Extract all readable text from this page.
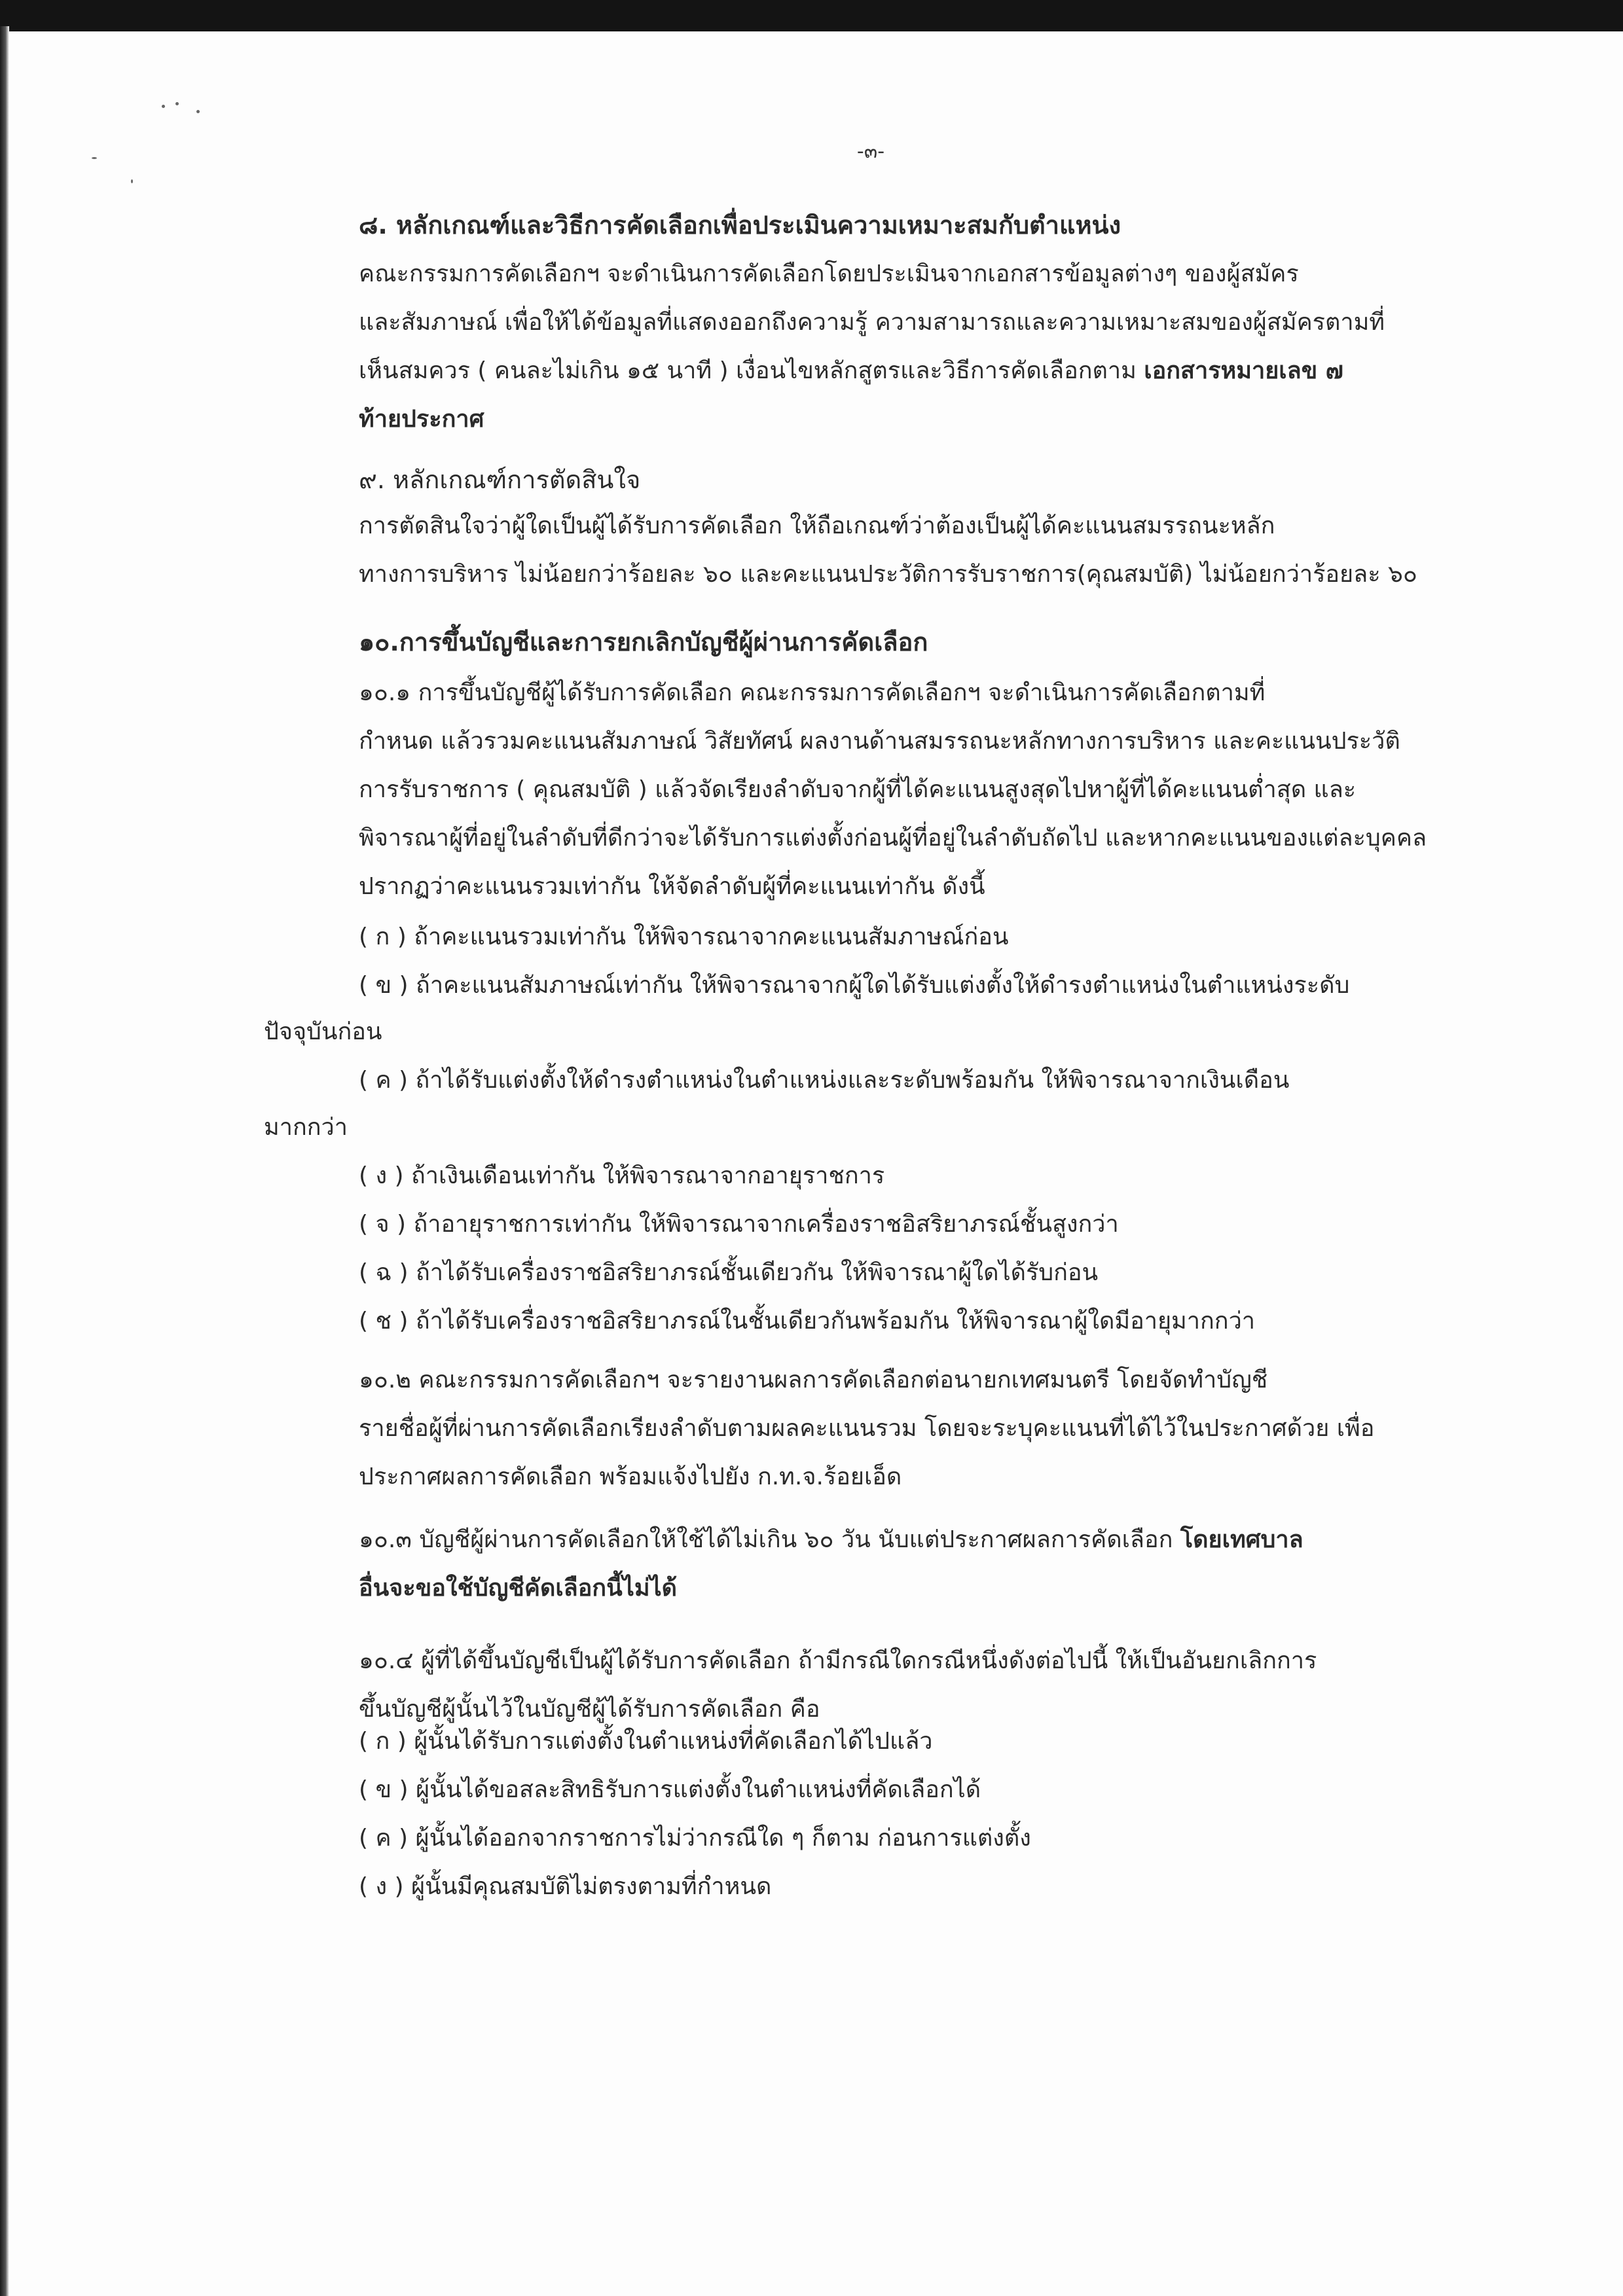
-๓-
๘. หลักเกณฑ์และวิธีการคัดเลือกเพื่อประเมินความเหมาะสมกับตำแหน่ง
คณะกรรมการคัดเลือกฯ จะดำเนินการคัดเลือกโดยประเมินจากเอกสารข้อมูลต่างๆ ของผู้สมัคร
และสัมภาษณ์ เพื่อให้ได้ข้อมูลที่แสดงออกถึงความรู้ ความสามารถและความเหมาะสมของผู้สมัครตามที่
เห็นสมควร ( คนละไม่เกิน ๑๕ นาที ) เงื่อนไขหลักสูตรและวิธีการคัดเลือกตาม เอกสารหมายเลข ๗
ท้ายประกาศ
๙. หลักเกณฑ์การตัดสินใจ
การตัดสินใจว่าผู้ใดเป็นผู้ได้รับการคัดเลือก ให้ถือเกณฑ์ว่าต้องเป็นผู้ได้คะแนนสมรรถนะหลัก
ทางการบริหาร ไม่น้อยกว่าร้อยละ ๖๐ และคะแนนประวัติการรับราชการ(คุณสมบัติ) ไม่น้อยกว่าร้อยละ ๖๐
๑๐.การขึ้นบัญชีและการยกเลิกบัญชีผู้ผ่านการคัดเลือก
๑๐.๑ การขึ้นบัญชีผู้ได้รับการคัดเลือก คณะกรรมการคัดเลือกฯ จะดำเนินการคัดเลือกตามที่
กำหนด แล้วรวมคะแนนสัมภาษณ์ วิสัยทัศน์ ผลงานด้านสมรรถนะหลักทางการบริหาร และคะแนนประวัติ
การรับราชการ ( คุณสมบัติ ) แล้วจัดเรียงลำดับจากผู้ที่ได้คะแนนสูงสุดไปหาผู้ที่ได้คะแนนต่ำสุด และ
พิจารณาผู้ที่อยู่ในลำดับที่ดีกว่าจะได้รับการแต่งตั้งก่อนผู้ที่อยู่ในลำดับถัดไป และหากคะแนนของแต่ละบุคคล
ปรากฏว่าคะแนนรวมเท่ากัน ให้จัดลำดับผู้ที่คะแนนเท่ากัน ดังนี้
( ก ) ถ้าคะแนนรวมเท่ากัน ให้พิจารณาจากคะแนนสัมภาษณ์ก่อน
( ข ) ถ้าคะแนนสัมภาษณ์เท่ากัน ให้พิจารณาจากผู้ใดได้รับแต่งตั้งให้ดำรงตำแหน่งในตำแหน่งระดับ
ปัจจุบันก่อน
( ค ) ถ้าได้รับแต่งตั้งให้ดำรงตำแหน่งในตำแหน่งและระดับพร้อมกัน ให้พิจารณาจากเงินเดือน
มากกว่า
( ง ) ถ้าเงินเดือนเท่ากัน ให้พิจารณาจากอายุราชการ
( จ ) ถ้าอายุราชการเท่ากัน ให้พิจารณาจากเครื่องราชอิสริยาภรณ์ชั้นสูงกว่า
( ฉ ) ถ้าได้รับเครื่องราชอิสริยาภรณ์ชั้นเดียวกัน ให้พิจารณาผู้ใดได้รับก่อน
( ช ) ถ้าได้รับเครื่องราชอิสริยาภรณ์ในชั้นเดียวกันพร้อมกัน ให้พิจารณาผู้ใดมีอายุมากกว่า
๑๐.๒ คณะกรรมการคัดเลือกฯ จะรายงานผลการคัดเลือกต่อนายกเทศมนตรี โดยจัดทำบัญชี
รายชื่อผู้ที่ผ่านการคัดเลือกเรียงลำดับตามผลคะแนนรวม โดยจะระบุคะแนนที่ได้ไว้ในประกาศด้วย เพื่อ
ประกาศผลการคัดเลือก พร้อมแจ้งไปยัง ก.ท.จ.ร้อยเอ็ด
๑๐.๓ บัญชีผู้ผ่านการคัดเลือกให้ใช้ได้ไม่เกิน ๖๐ วัน นับแต่ประกาศผลการคัดเลือก โดยเทศบาล
อื่นจะขอใช้บัญชีคัดเลือกนี้ไม่ได้
๑๐.๔ ผู้ที่ได้ขึ้นบัญชีเป็นผู้ได้รับการคัดเลือก ถ้ามีกรณีใดกรณีหนึ่งดังต่อไปนี้ ให้เป็นอันยกเลิกการ
ขึ้นบัญชีผู้นั้นไว้ในบัญชีผู้ได้รับการคัดเลือก คือ
( ก ) ผู้นั้นได้รับการแต่งตั้งในตำแหน่งที่คัดเลือกได้ไปแล้ว
( ข ) ผู้นั้นได้ขอสละสิทธิรับการแต่งตั้งในตำแหน่งที่คัดเลือกได้
( ค ) ผู้นั้นได้ออกจากราชการไม่ว่ากรณีใด ๆ ก็ตาม ก่อนการแต่งตั้ง
( ง ) ผู้นั้นมีคุณสมบัติไม่ตรงตามที่กำหนด
